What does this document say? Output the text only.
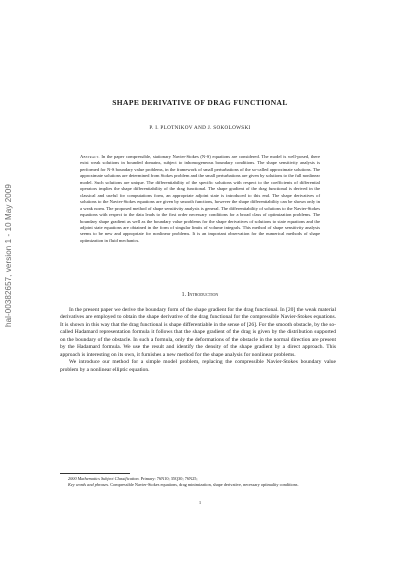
hal-00382657, version 1 - 10 May 2009
SHAPE DERIVATIVE OF DRAG FUNCTIONAL
P. I. PLOTNIKOV AND J. SOKOLOWSKI
Abstract. In the paper compressible, stationary Navier-Stokes (N-S) equations are considered. The model is well-posed, there exist weak solutions in bounded domains, subject to inhomogeneous boundary conditions. The shape sensitivity analysis is performed for N-S boundary value problems, in the framework of small perturbations of the so-called approximate solutions. The approximate solutions are determined from Stokes problem and the small perturbations are given by solutions to the full nonlinear model. Such solutions are unique. The differentiability of the specific solutions with respect to the coefficients of differential operators implies the shape differentiability of the drag functional. The shape gradient of the drag functional is derived in the classical and useful for computations form, an appropriate adjoint state is introduced to this end. The shape derivatives of solutions to the Navier-Stokes equations are given by smooth functions, however the shape differentiability can be shown only in a weak norm. The proposed method of shape sensitivity analysis is general. The differentiability of solutions to the Navier-Stokes equations with respect to the data leads to the first order necessary conditions for a broad class of optimization problems. The boundary shape gradient as well as the boundary value problems for the shape derivatives of solutions to state equations and the adjoint state equations are obtained in the form of singular limits of volume integrals. This method of shape sensitivity analysis seems to be new and appropriate for nonlinear problems. It is an important observation for the numerical methods of shape optimization in fluid mechanics.
1. Introduction

In the present paper we derive the boundary form of the shape gradient for the drag functional. In [20] the weak material derivatives are employed to obtain the shape derivative of the drag functional for the compressible Navier-Stokes equations. It is shown in this way that the drag functional is shape differentiable in the sense of [26]. For the smooth obstacle, by the so-called Hadamard representation formula it follows that the shape gradient of the drag is given by the distribution supported on the boundary of the obstacle. In such a formula, only the deformations of the obstacle in the normal direction are present by the Hadamard formula. We use the result and identify the density of the shape gradient by a direct approach. This approach is interesting on its own, it furnishes a new method for the shape analysis for nonlinear problems.

We introduce our method for a simple model problem, replacing the compressible Navier-Stokes boundary value problem by a nonlinear elliptic equation.

2000 Mathematics Subject Classification. Primary: 76N10; 35Q30; 76N25;

Key words and phrases. Compressible Navier-Stokes equations, drag minimization, shape derivative, necessary optimality conditions.

1
